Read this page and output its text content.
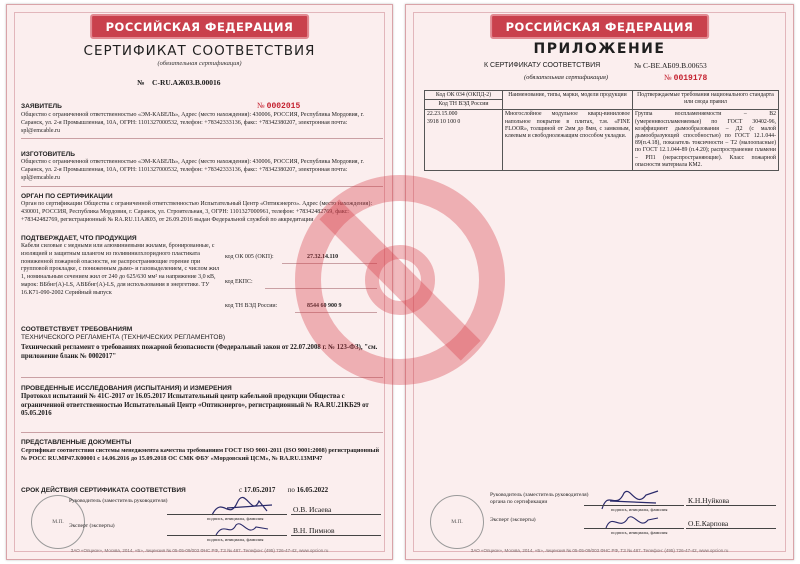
РОССИЙСКАЯ ФЕДЕРАЦИЯ
СЕРТИФИКАТ СООТВЕТСТВИЯ
(обязательная сертификация)
№ С-RU.АЖ03.В.00016
ЗАЯВИТЕЛЬ	№ 0002015
Общество с ограниченной ответственностью «ЭМ-КАБЕЛЬ», Адрес (место нахождения): 430006, РОССИЯ, Республика Мордовия, г. Саранск, ул. 2-я Промышленная, 10А, ОГРН: 1101327000532, телефон: +78342333136, факс: +78342380207, электронная почта: spl@emcable.ru
ИЗГОТОВИТЕЛЬ
Общество с ограниченной ответственностью «ЭМ-КАБЕЛЬ», Адрес (место нахождения): 430006, РОССИЯ, Республика Мордовия, г. Саранск, ул. 2-я Промышленная, 10А, ОГРН: 1101327000532, телефон: +78342333136, факс: +78342380207, электронная почта: spl@emcable.ru
ОРГАН ПО СЕРТИФИКАЦИИ
Орган по сертификации Общества с ограниченной ответственностью Испытательный Центр «Оптикэнерго». Адрес (место нахождения): 430001, РОССИЯ, Республика Мордовия, г. Саранск, ул. Строительная, 3, ОГРН: 1101327000961, телефон: +78342482769, факс: +78342482769, регистрационный № RA.RU.11АЖ03, от 26.09.2016 выдан Федеральной службой по аккредитации
ПОДТВЕРЖДАЕТ, ЧТО ПРОДУКЦИЯ
Кабели силовые с медными или алюминиевыми жилами, бронированные, с изоляцией и защитным шлангом из поливинилхлоридного пластиката пониженной пожарной опасности, не распространяющие горение при групповой прокладке, с пониженным дымо- и газовыделением, с числом жил 1, номинальным сечением жил от 240 до 625/630 мм² на напряжение 3,0 кВ, марок: ВБбнг(А)-LS, АВБбнг(А)-LS, для использования в энергетике. ТУ 16.К71-090-2002 Серийный выпуск
код ОК 005 (ОКП):	27.32.14.110
код ЕКПС:
код ТН ВЭД России:	8544 60 900 9
СООТВЕТСТВУЕТ ТРЕБОВАНИЯМ
ТЕХНИЧЕСКОГО РЕГЛАМЕНТА (ТЕХНИЧЕСКИХ РЕГЛАМЕНТОВ)
Технический регламент о требованиях пожарной безопасности (Федеральный закон от 22.07.2008 г. № 123-ФЗ), "см. приложение бланк № 0002017"
ПРОВЕДЕННЫЕ ИССЛЕДОВАНИЯ (ИСПЫТАНИЯ) И ИЗМЕРЕНИЯ
Протокол испытаний № 41С-2017 от 16.05.2017 Испытательный центр кабельной продукции Общества с ограниченной ответственностью Испытательный Центр «Оптикэнерго», регистрационный № RA.RU.21КБ29 от 05.05.2016
ПРЕДСТАВЛЕННЫЕ ДОКУМЕНТЫ
Сертификат соответствия системы менеджмента качества требованиям ГОСТ ISO 9001-2011 (ISO 9001:2008) регистрационный № РОСС RU.МР47.К00001 с 14.06.2016 до 15.09.2018 ОС СМК ФБУ «Мордовский ЦСМ», № RA.RU.13МР47
СРОК ДЕЙСТВИЯ СЕРТИФИКАТА СООТВЕТСТВИЯ	с 17.05.2017 по 16.05.2022
М.П.
Руководитель (заместитель руководителя)
О.В. Исаева
подпись, инициалы, фамилия
Эксперт (эксперты)	В.Н. Пимнов
подпись, инициалы, фамилия
ЗАО «Опцион», Москва, 2014, «Б», лицензия № 05-05-09/003 ФНС РФ, ТЗ № 487. Телефон: (495) 726-47-42, www.opcion.ru
РОССИЙСКАЯ ФЕДЕРАЦИЯ
ПРИЛОЖЕНИЕ
К СЕРТИФИКАТУ СООТВЕТСТВИЯ	№ С-ВЕ.АБ09.В.00653
(обязательная сертификация)	№ 0019178
Код ОК 034 (ОКПД-2)
Код ТН ВЭД России	Наименование, типы, марки, модели продукции	Подтверждаемые требования национального стандарта или свода правил
22.23.15.000
3918 10 100 0	Многослойное модульное кварц-виниловое напольное покрытие в плитах, т.м. «FINE FLOOR», толщиной от 2мм до 8мм, с замковым, клеевым и свободнолежащим способом укладки.	Группа воспламеняемости – В2 (умереннвоспламеняемые) по ГОСТ 30402-96, коэффициент дымообразования – Д2 (с малой дымообразующей способностью) по ГОСТ 12.1.044-89(п.4.18), показатель токсичности – Т2 (малоопасные) по ГОСТ 12.1.044-89 (п.4.20); распространение пламени – РП1 (нераспространяющие). Класс пожарной опасности материала КМ2.
М.П.
Руководитель (заместитель руководителя)
органа по сертификации	К.Н.Нуйкова
подпись, инициалы, фамилия
Эксперт (эксперты)	О.Е.Карпова
подпись, инициалы, фамилия
ЗАО «Опцион», Москва, 2014, «Б», лицензия № 05-05-09/003 ФНС РФ, ТЗ № 487. Телефон: (495) 726-47-42, www.opcion.ru
